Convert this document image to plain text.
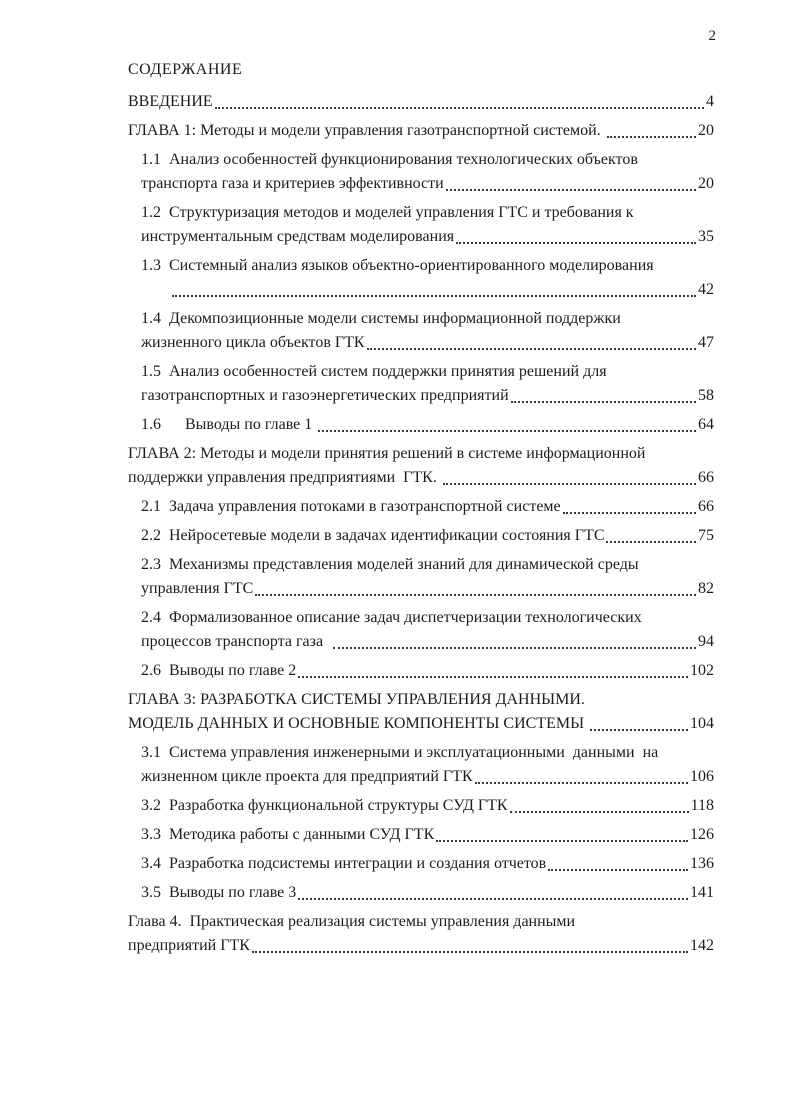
2
СОДЕРЖАНИЕ
ВВЕДЕНИЕ	4
ГЛАВА 1: Методы и модели управления газотранспортной системой.	20
1.1  Анализ особенностей функционирования технологических объектов
транспорта газа и критериев эффективности	20
1.2  Структуризация методов и моделей управления ГТС и требования к
инструментальным средствам моделирования	35
1.3  Системный анализ языков объектно-ориентированного моделирования
42
1.4  Декомпозиционные модели системы информационной поддержки
жизненного цикла объектов ГТК	47
1.5  Анализ особенностей систем поддержки принятия решений для
газотранспортных и газоэнергетических предприятий	58
1.6      Выводы по главе 1	64
ГЛАВА 2: Методы и модели принятия решений в системе информационной
поддержки управления предприятиями  ГТК.	66
2.1  Задача управления потоками в газотранспортной системе	66
2.2  Нейросетевые модели в задачах идентификации состояния ГТС	75
2.3  Механизмы представления моделей знаний для динамической среды
управления ГТС	82
2.4  Формализованное описание задач диспетчеризации технологических
процессов транспорта газа	94
2.6  Выводы по главе 2	102
ГЛАВА 3: РАЗРАБОТКА СИСТЕМЫ УПРАВЛЕНИЯ ДАННЫМИ.
МОДЕЛЬ ДАННЫХ И ОСНОВНЫЕ КОМПОНЕНТЫ СИСТЕМЫ	104
3.1  Система управления инженерными и эксплуатационными  данными  на
жизненном цикле проекта для предприятий ГТК	106
3.2  Разработка функциональной структуры СУД ГТК	118
3.3  Методика работы с данными СУД ГТК	126
3.4  Разработка подсистемы интеграции и создания отчетов	136
3.5  Выводы по главе 3	141
Глава 4.  Практическая реализация системы управления данными
предприятий ГТК	142
